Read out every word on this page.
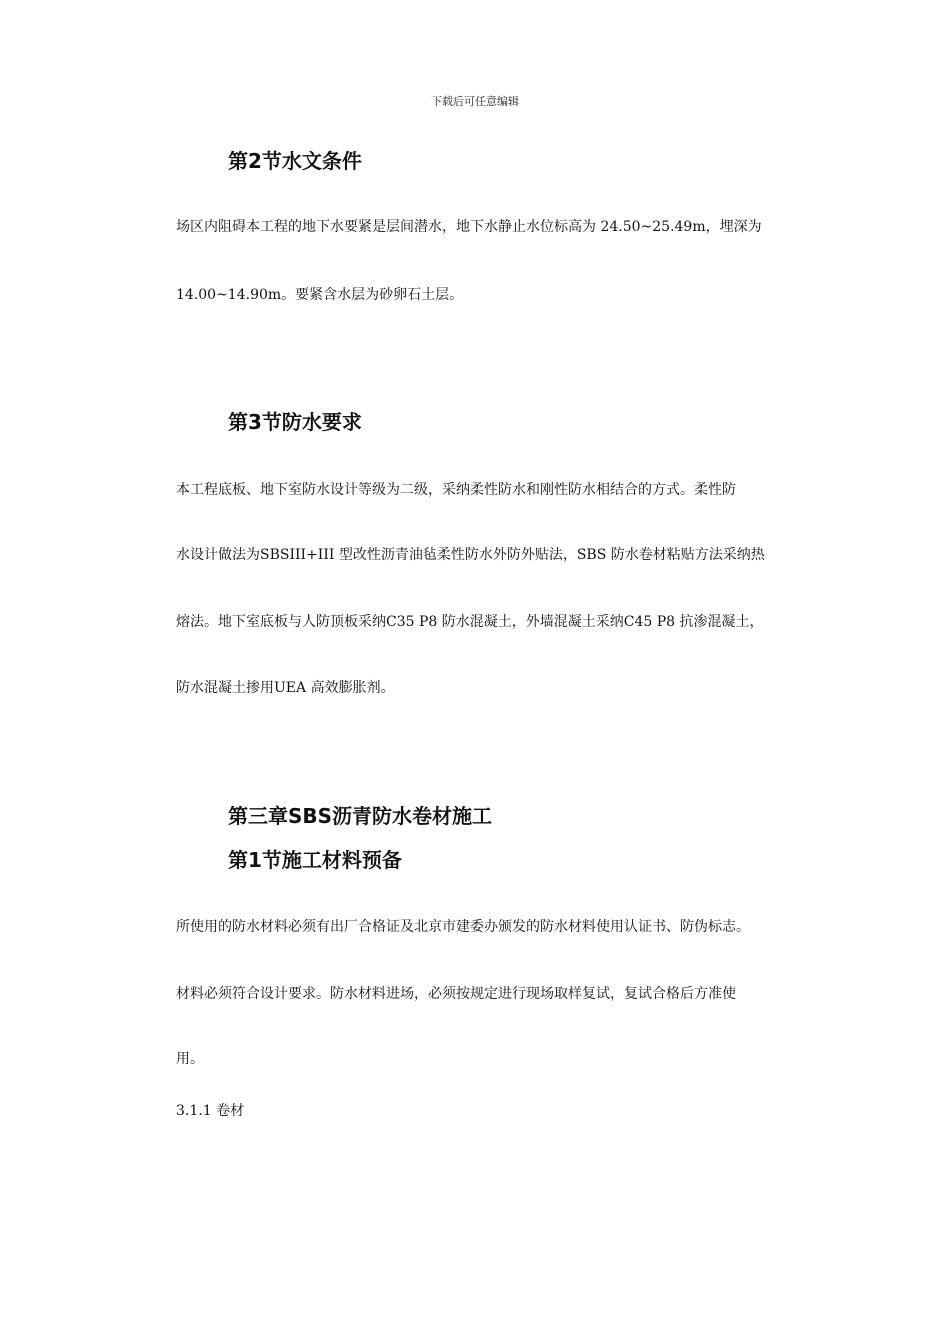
下载后可任意编辑
第2节水文条件
场区内阻碍本工程的地下水要紧是层间潜水，地下水静止水位标高为 24.50~25.49m，埋深为
14.00~14.90m。要紧含水层为砂卵石土层。
第3节防水要求
本工程底板、地下室防水设计等级为二级，采纳柔性防水和刚性防水相结合的方式。柔性防
水设计做法为SBSIII+III 型改性沥青油毡柔性防水外防外贴法，SBS 防水卷材粘贴方法采纳热
熔法。地下室底板与人防顶板采纳C35 P8 防水混凝土，外墙混凝土采纳C45 P8 抗渗混凝土，
防水混凝土掺用UEA 高效膨胀剂。
第三章SBS沥青防水卷材施工
第1节施工材料预备
所使用的防水材料必须有出厂合格证及北京市建委办颁发的防水材料使用认证书、防伪标志。
材料必须符合设计要求。防水材料进场，必须按规定进行现场取样复试，复试合格后方准使
用。
3.1.1 卷材
